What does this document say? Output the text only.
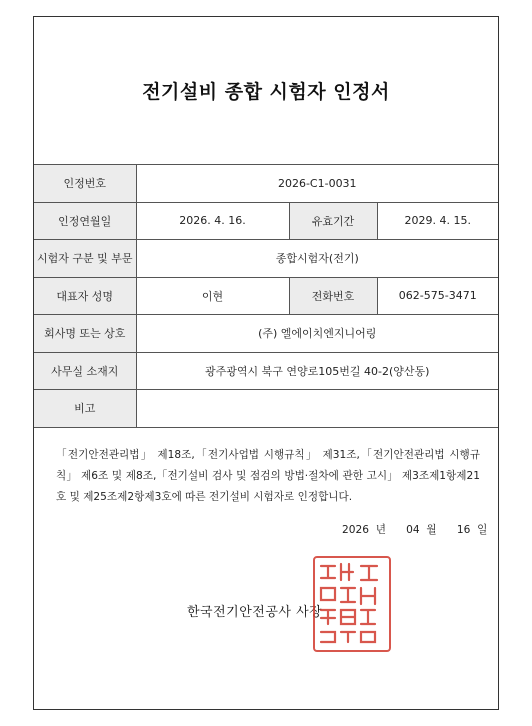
전기설비 종합 시험자 인정서
인정번호	2026-C1-0031		
인정연월일	2026. 4. 16.	유효기간	2029. 4. 15.
시험자 구분 및 부문	종합시험자(전기)		
대표자 성명	이현	전화번호	062-575-3471
회사명 또는 상호	(주) 엘에이치엔지니어링		
사무실 소재지	광주광역시 북구 연양로105번길 40-2(양산동)		
비고			
「전기안전관리법」 제18조,「전기사업법 시행규칙」 제31조,「전기안전관리법 시행규칙」 제6조 및 제8조,「전기설비 검사 및 점검의 방법·절차에 관한 고시」 제3조제1항제21호 및 제25조제2항제3호에 따른 전기설비 시험자로 인정합니다.
2026 년 04 월 16 일
한국전기안전공사 사장
